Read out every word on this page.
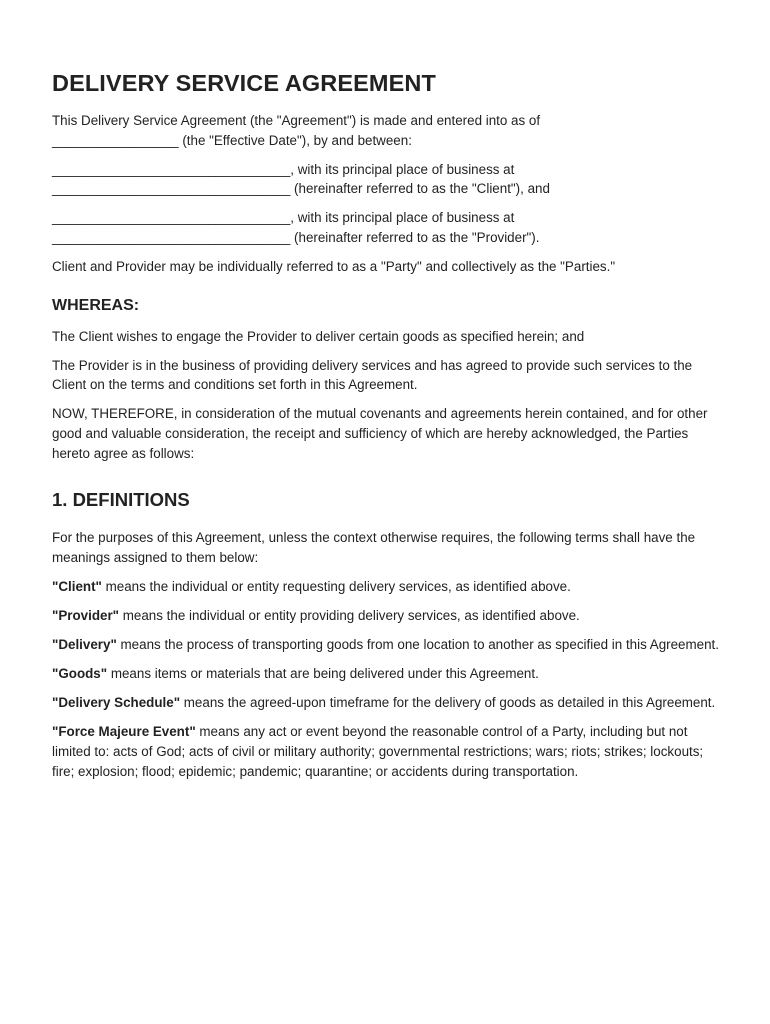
DELIVERY SERVICE AGREEMENT

This Delivery Service Agreement (the "Agreement") is made and entered into as of
_________________ (the "Effective Date"), by and between:

________________________________, with its principal place of business at
________________________________ (hereinafter referred to as the "Client"), and

________________________________, with its principal place of business at
________________________________ (hereinafter referred to as the "Provider").

Client and Provider may be individually referred to as a "Party" and collectively as the "Parties."

WHEREAS:

The Client wishes to engage the Provider to deliver certain goods as specified herein; and

The Provider is in the business of providing delivery services and has agreed to provide such services to the Client on the terms and conditions set forth in this Agreement.

NOW, THEREFORE, in consideration of the mutual covenants and agreements herein contained, and for other good and valuable consideration, the receipt and sufficiency of which are hereby acknowledged, the Parties hereto agree as follows:

1. DEFINITIONS

For the purposes of this Agreement, unless the context otherwise requires, the following terms shall have the meanings assigned to them below:

"Client" means the individual or entity requesting delivery services, as identified above.

"Provider" means the individual or entity providing delivery services, as identified above.

"Delivery" means the process of transporting goods from one location to another as specified in this Agreement.

"Goods" means items or materials that are being delivered under this Agreement.

"Delivery Schedule" means the agreed-upon timeframe for the delivery of goods as detailed in this Agreement.

"Force Majeure Event" means any act or event beyond the reasonable control of a Party, including but not limited to: acts of God; acts of civil or military authority; governmental restrictions; wars; riots; strikes; lockouts; fire; explosion; flood; epidemic; pandemic; quarantine; or accidents during transportation.
